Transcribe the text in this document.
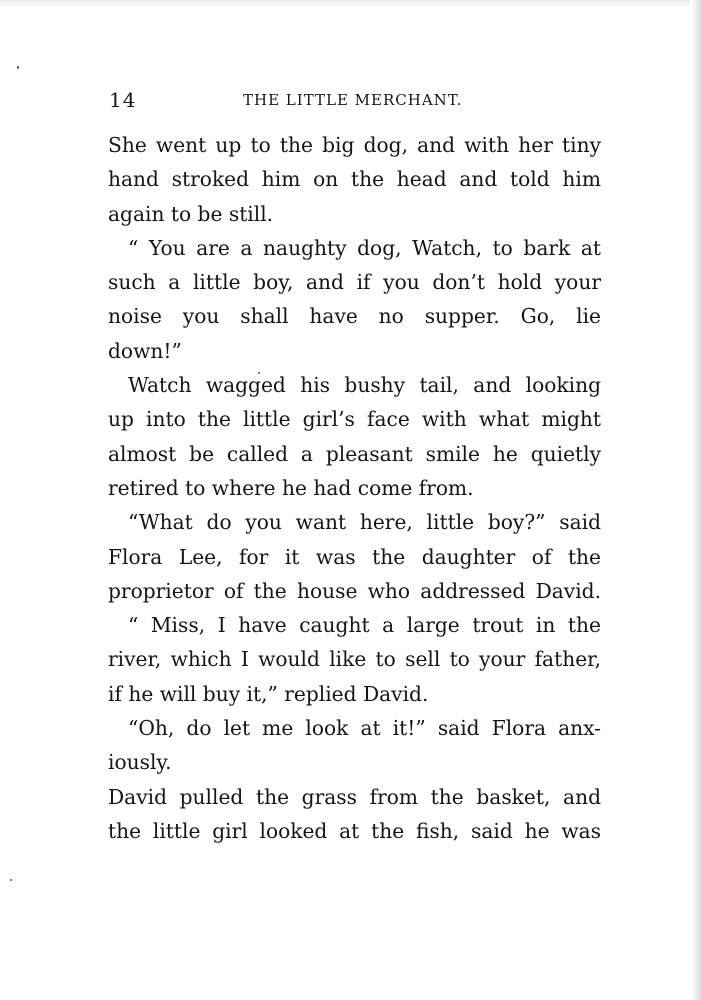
14	THE LITTLE MERCHANT.
She went up to the big dog, and with her tiny
hand stroked him on the head and told him
again to be still.
“ You are a naughty dog, Watch, to bark at
such a little boy, and if you don’t hold your
noise you shall have no supper. Go, lie
down!”
Watch wagged his bushy tail, and looking
up into the little girl’s face with what might
almost be called a pleasant smile he quietly
retired to where he had come from.
“What do you want here, little boy?” said
Flora Lee, for it was the daughter of the
proprietor of the house who addressed David.
“ Miss, I have caught a large trout in the
river, which I would like to sell to your father,
if he will buy it,” replied David.
“Oh, do let me look at it!” said Flora anx-
iously.
David pulled the grass from the basket, and
the little girl looked at the fish, said he was
